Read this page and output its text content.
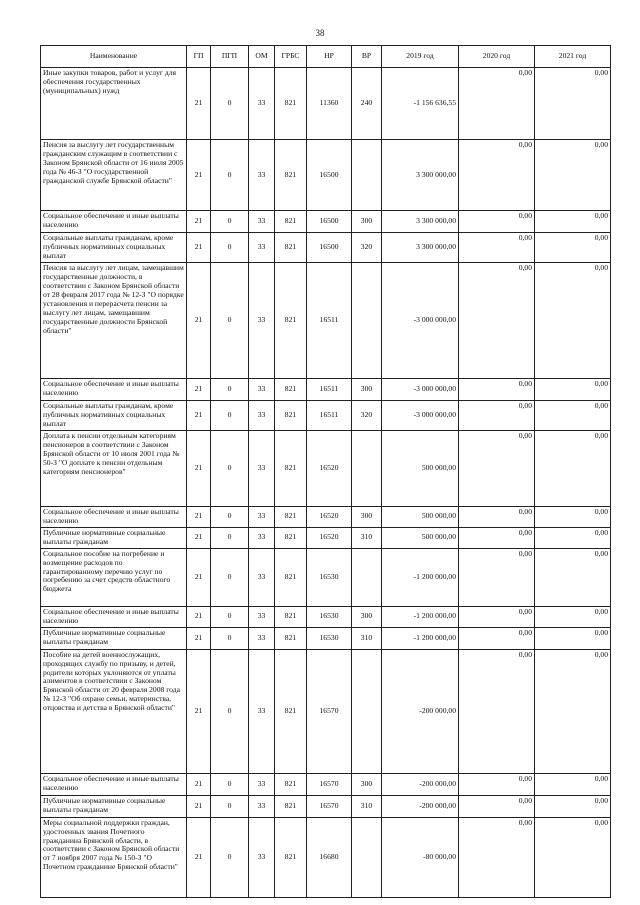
38
Наименование	ГП	ПГП	ОМ	ГРБС	НР	ВР	2019 год	2020 год	2021 год
Иные закупки товаров, работ и услуг для обеспечения государственных (муниципальных) нужд	21	0	33	821	11360	240	-1 156 636,55	0,00	0,00
Пенсия за выслугу лет государственным гражданским служащим в соответствии с Законом Брянской области от 16 июля 2005 года № 46-З "О государственной гражданской службе Брянской области"	21	0	33	821	16500		3 300 000,00	0,00	0,00
Социальное обеспечение и иные выплаты населению	21	0	33	821	16500	300	3 300 000,00	0,00	0,00
Социальные выплаты гражданам, кроме публичных нормативных социальных выплат	21	0	33	821	16500	320	3 300 000,00	0,00	0,00
Пенсия за выслугу лет лицам, замещавшим государственные должности, в соответствии с Законом Брянской области от 28 февраля 2017 года № 12-З "О порядке установления и перерасчета пенсии за выслугу лет лицам, замещавшим государственные должности Брянской области"	21	0	33	821	16511		-3 000 000,00	0,00	0,00
Социальное обеспечение и иные выплаты населению	21	0	33	821	16511	300	-3 000 000,00	0,00	0,00
Социальные выплаты гражданам, кроме публичных нормативных социальных выплат	21	0	33	821	16511	320	-3 000 000,00	0,00	0,00
Доплата к пенсии отдельным категориям пенсионеров в соответствии с Законом Брянской области от 10 июля 2001 года № 50-З "О доплате к пенсии отдельным категориям пенсионеров"	21	0	33	821	16520		500 000,00	0,00	0,00
Социальное обеспечение и иные выплаты населению	21	0	33	821	16520	300	500 000,00	0,00	0,00
Публичные нормативные социальные выплаты гражданам	21	0	33	821	16520	310	500 000,00	0,00	0,00
Социальное пособие на погребение и возмещение расходов по гарантированному перечню услуг по погребению за счет средств областного бюджета	21	0	33	821	16530		-1 200 000,00	0,00	0,00
Социальное обеспечение и иные выплаты населению	21	0	33	821	16530	300	-1 200 000,00	0,00	0,00
Публичные нормативные социальные выплаты гражданам	21	0	33	821	16530	310	-1 200 000,00	0,00	0,00
Пособие на детей военнослужащих, проходящих службу по призыву, и детей, родители которых уклоняются от уплаты алиментов в соответствии с Законом Брянской области от 20 февраля 2008 года № 12-З "Об охране семьи, материнства, отцовства и детства в Брянской области"	21	0	33	821	16570		-200 000,00	0,00	0,00
Социальное обеспечение и иные выплаты населению	21	0	33	821	16570	300	-200 000,00	0,00	0,00
Публичные нормативные социальные выплаты гражданам	21	0	33	821	16570	310	-200 000,00	0,00	0,00
Меры социальной поддержки граждан, удостоенных звания Почетного гражданина Брянской области, в соответствии с Законом Брянской области от 7 ноября 2007 года № 150-З "О Почетном гражданине Брянской области"	21	0	33	821	16680		-80 000,00	0,00	0,00
